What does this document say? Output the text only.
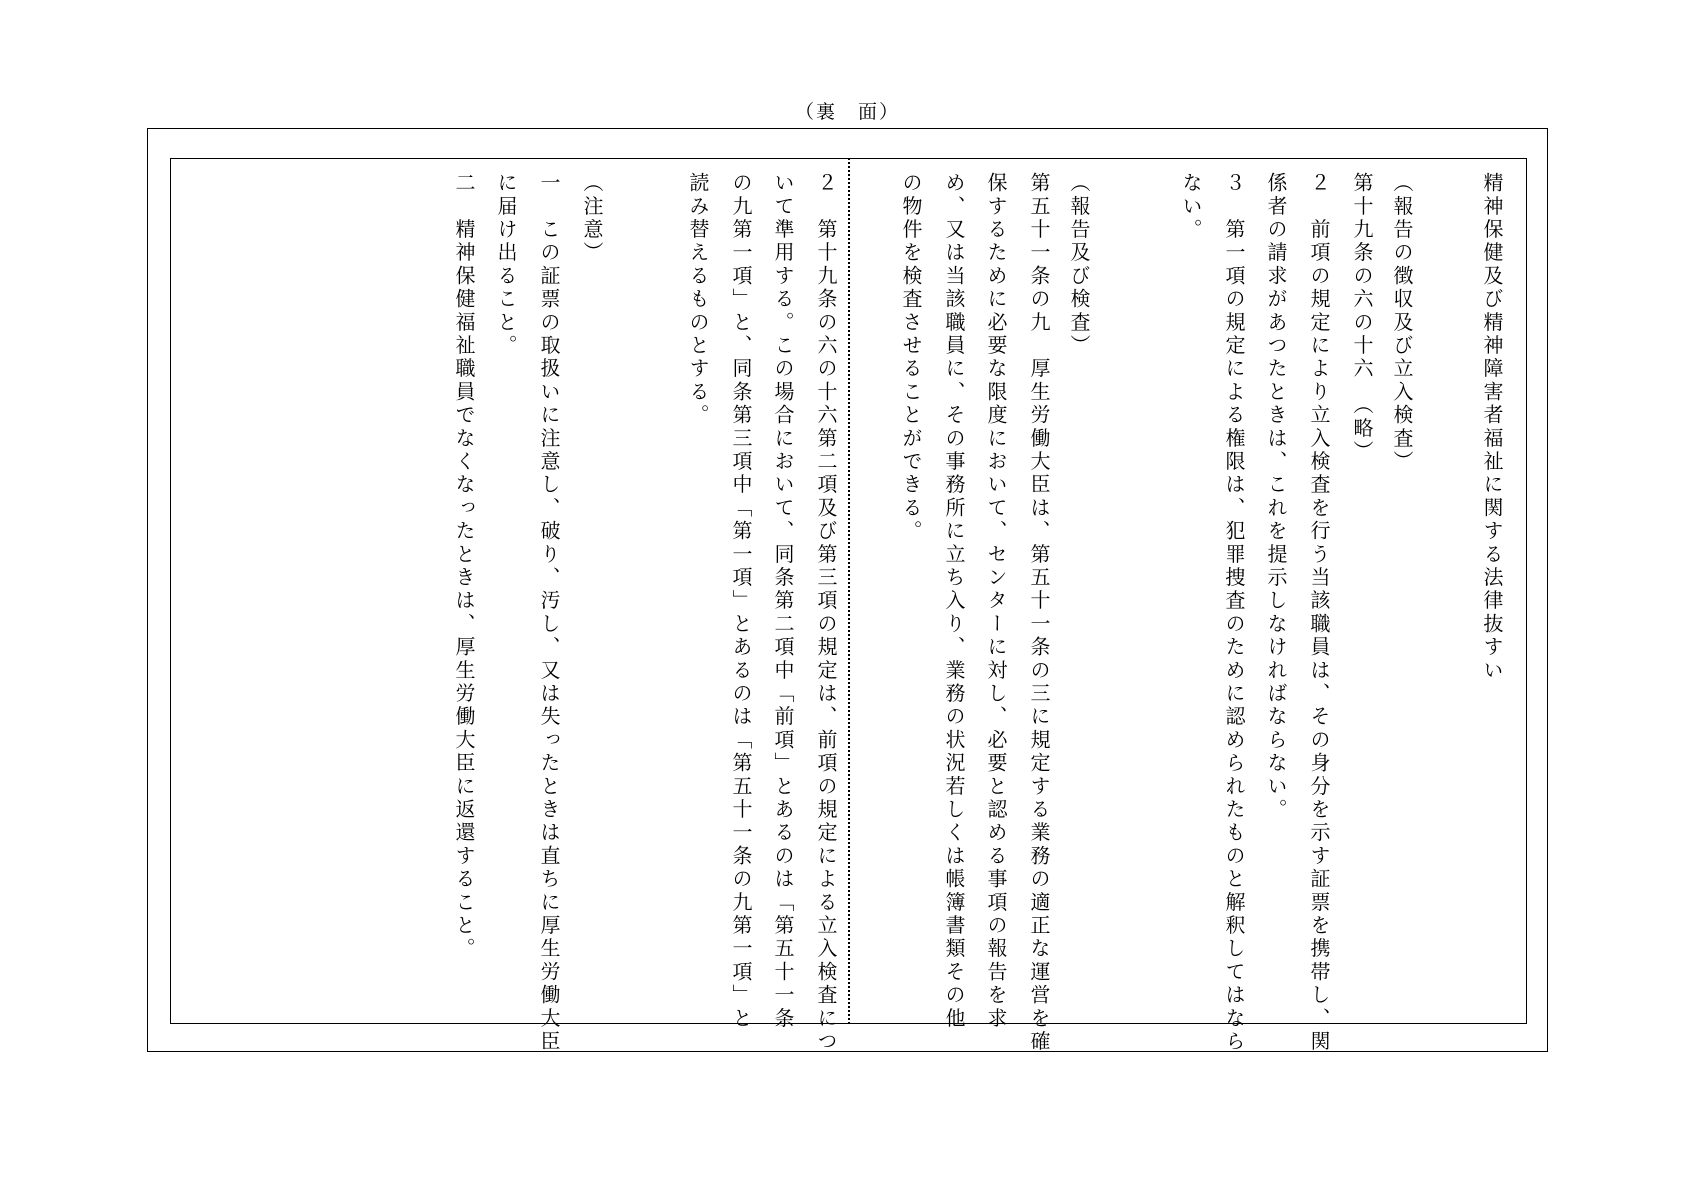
（裏　面）
精神保健及び精神障害者福祉に関する法律抜すい
（報告の徴収及び立入検査）
第十九条の六の十六　（略）
２　前項の規定により立入検査を行う当該職員は、その身分を示す証票を携帯し、関
係者の請求があつたときは、これを提示しなければならない。
３　第一項の規定による権限は、犯罪捜査のために認められたものと解釈してはなら
ない。
（報告及び検査）
第五十一条の九　厚生労働大臣は、第五十一条の三に規定する業務の適正な運営を確
保するために必要な限度において、センターに対し、必要と認める事項の報告を求
め、又は当該職員に、その事務所に立ち入り、業務の状況若しくは帳簿書類その他
の物件を検査させることができる。
２　第十九条の六の十六第二項及び第三項の規定は、前項の規定による立入検査につ
いて準用する。この場合において、同条第二項中「前項」とあるのは「第五十一条
の九第一項」と、同条第三項中「第一項」とあるのは「第五十一条の九第一項」と
読み替えるものとする。
（注意）
一　この証票の取扱いに注意し、破り、汚し、又は失ったときは直ちに厚生労働大臣
に届け出ること。
二　精神保健福祉職員でなくなったときは、厚生労働大臣に返還すること。
